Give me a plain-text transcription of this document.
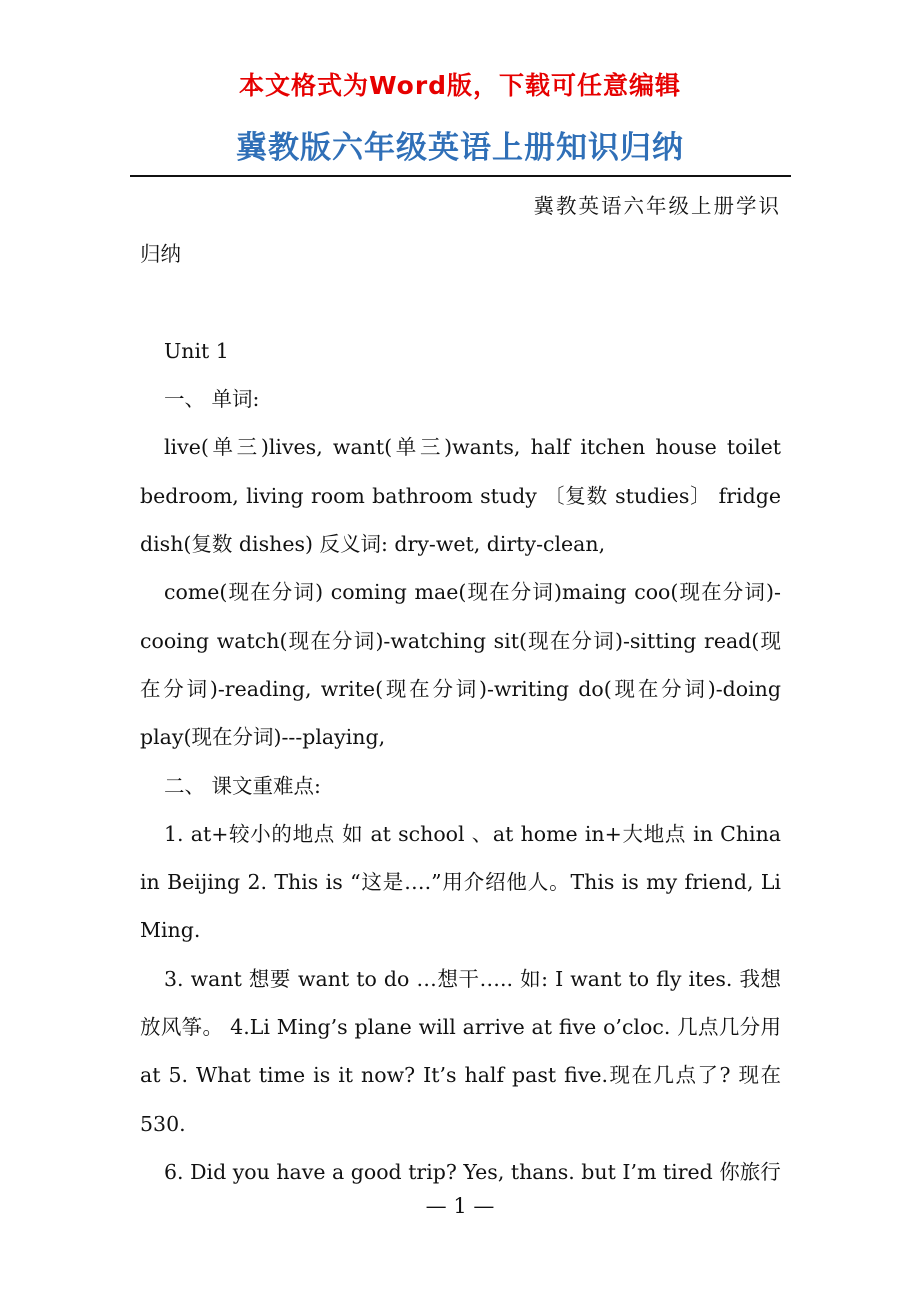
本文格式为Word版，下载可任意编辑
冀教版六年级英语上册知识归纳

冀教英语六年级上册学识

归纳

Unit 1

一、 单词:

live(单三)lives, want(单三)wants, half itchen house toilet bedroom, living room bathroom study 〔复数 studies〕 fridge dish(复数 dishes) 反义词: dry-wet, dirty-clean,

come(现在分词) coming mae(现在分词)maing coo(现在分词)-cooing watch(现在分词)-watching sit(现在分词)-sitting read(现在分词)-reading, write(现在分词)-writing do(现在分词)-doing play(现在分词)---playing,

二、 课文重难点:

1. at+较小的地点 如 at school 、at home in+大地点 in China in Beijing 2. This is “这是….”用介绍他人。This is my friend, Li Ming.

3. want 想要 want to do …想干….. 如: I want to fly ites. 我想放风筝。 4.Li Ming’s plane will arrive at five o’cloc. 几点几分用 at 5. What time is it now? It’s half past five.现在几点了? 现在 530.

6. Did you have a good trip? Yes, thans. but I’m tired 你旅行

— 1 —
